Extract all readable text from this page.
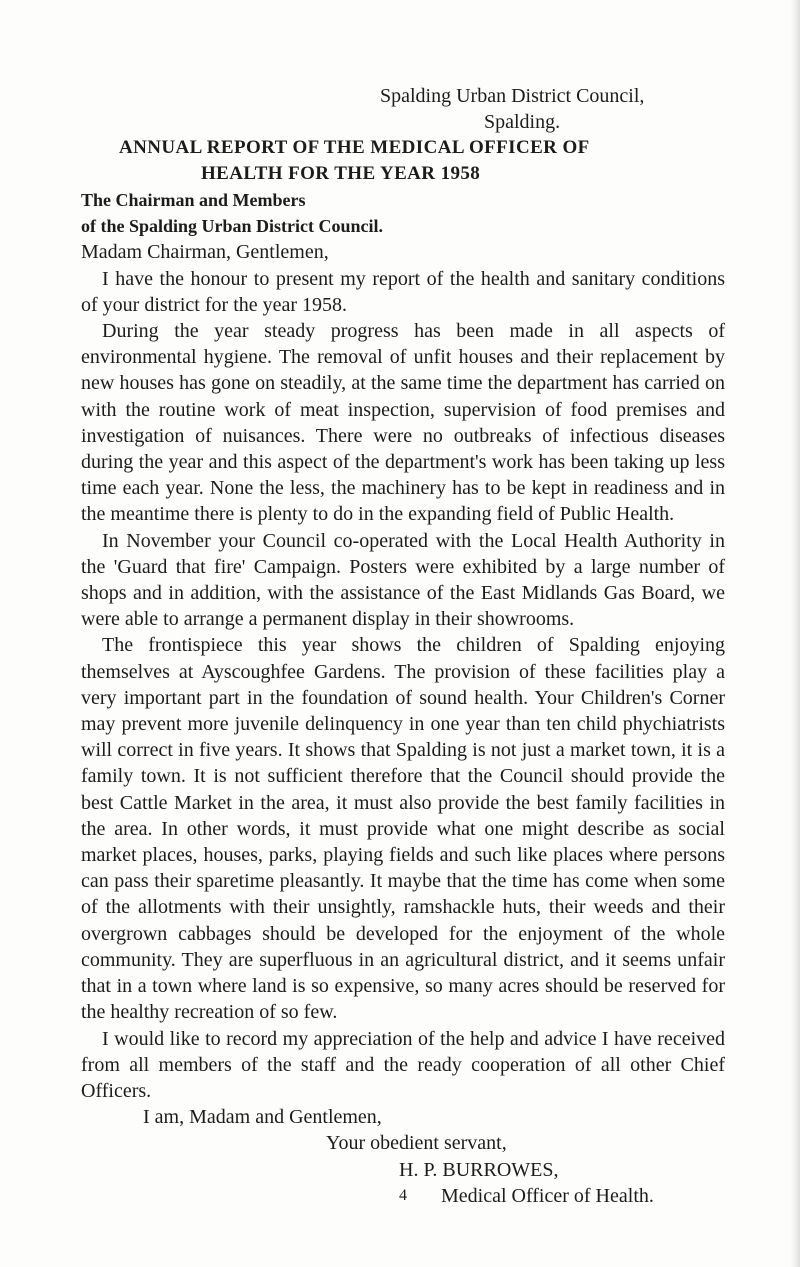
Spalding Urban District Council,
Spalding.
ANNUAL REPORT OF THE MEDICAL OFFICER OF
HEALTH FOR THE YEAR 1958
The Chairman and Members
of the Spalding Urban District Council.
Madam Chairman, Gentlemen,

I have the honour to present my report of the health and sanitary conditions of your district for the year 1958.

During the year steady progress has been made in all aspects of environmental hygiene. The removal of unfit houses and their replacement by new houses has gone on steadily, at the same time the department has carried on with the routine work of meat inspection, supervision of food premises and investigation of nuisances. There were no outbreaks of infectious diseases during the year and this aspect of the department's work has been taking up less time each year. None the less, the machinery has to be kept in readiness and in the meantime there is plenty to do in the expanding field of Public Health.

In November your Council co-operated with the Local Health Authority in the 'Guard that fire' Campaign. Posters were exhibited by a large number of shops and in addition, with the assistance of the East Midlands Gas Board, we were able to arrange a permanent display in their showrooms.

The frontispiece this year shows the children of Spalding enjoying themselves at Ayscoughfee Gardens. The provision of these facilities play a very important part in the foundation of sound health. Your Children's Corner may prevent more juvenile delinquency in one year than ten child phychiatrists will correct in five years. It shows that Spalding is not just a market town, it is a family town. It is not sufficient therefore that the Council should provide the best Cattle Market in the area, it must also provide the best family facilities in the area. In other words, it must provide what one might describe as social market places, houses, parks, playing fields and such like places where persons can pass their sparetime pleasantly. It maybe that the time has come when some of the allotments with their unsightly, ramshackle huts, their weeds and their overgrown cabbages should be developed for the enjoyment of the whole community. They are superfluous in an agricultural district, and it seems unfair that in a town where land is so expensive, so many acres should be reserved for the healthy recreation of so few.

I would like to record my appreciation of the help and advice I have received from all members of the staff and the ready cooperation of all other Chief Officers.

I am, Madam and Gentlemen,
Your obedient servant,
H. P. BURROWES,
Medical Officer of Health.
4
